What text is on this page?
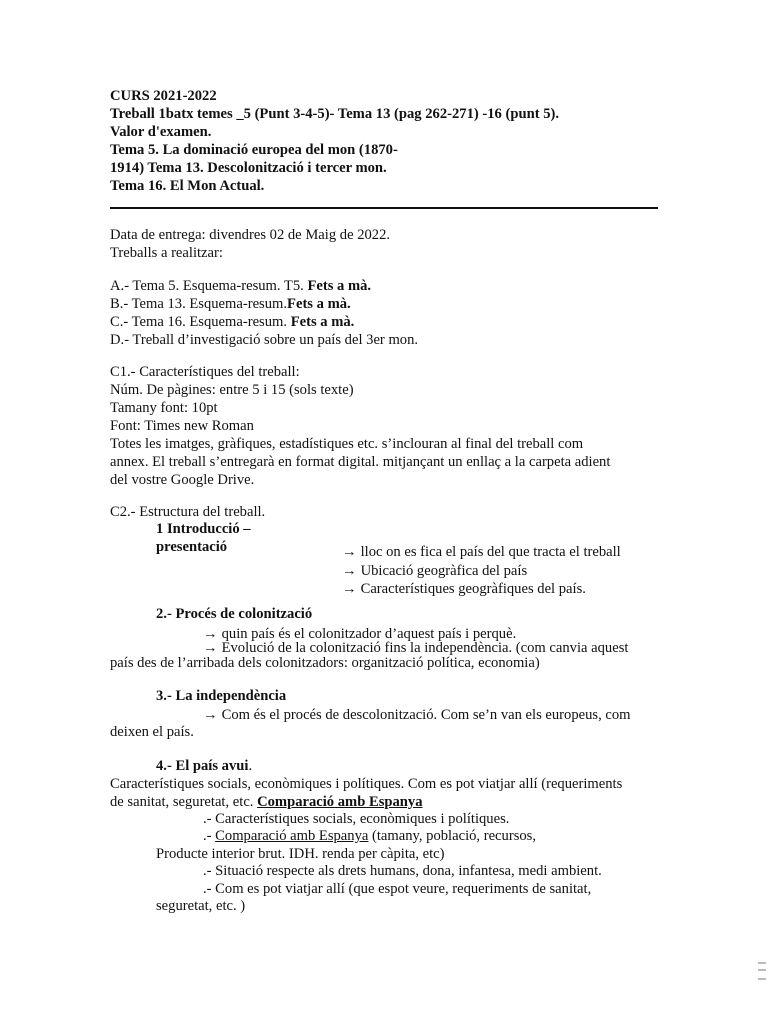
CURS 2021-2022
Treball 1batx temes _5 (Punt 3-4-5)- Tema 13 (pag 262-271) -16 (punt 5).
Valor d'examen.
Tema 5. La dominació europea del mon (1870-
1914) Tema 13. Descolonització i tercer mon.
Tema 16. El Mon Actual.
Data de entrega: divendres 02 de Maig de 2022.
Treballs a realitzar:
A.- Tema 5. Esquema-resum. T5. Fets a mà.
B.- Tema 13. Esquema-resum.Fets a mà.
C.- Tema 16. Esquema-resum. Fets a mà.
D.- Treball d’investigació sobre un país del 3er mon.
C1.- Característiques del treball:
Núm. De pàgines: entre 5 i 15 (sols texte)
Tamany font: 10pt
Font: Times new Roman
Totes les imatges, gràfiques, estadístiques etc. s’inclouran al final del treball com
annex. El treball s’entregarà en format digital. mitjançant un enllaç a la carpeta adient
del vostre Google Drive.
C2.- Estructura del treball.
1 Introducció –
presentació	→ lloc on es fica el país del que tracta el treball
→ Ubicació geogràfica del país
→ Característiques geogràfiques del país.
2.- Procés de colonització
→ quin país és el colonitzador d’aquest país i perquè.
→ Evolució de la colonització fins la independència. (com canvia aquest
país des de l’arribada dels colonitzadors: organització política, economia)
3.- La independència
→ Com és el procés de descolonització. Com se’n van els europeus, com
deixen el país.
4.- El país avui.
Característiques socials, econòmiques i polítiques. Com es pot viatjar allí (requeriments
de sanitat, seguretat, etc. Comparació amb Espanya
.- Característiques socials, econòmiques i polítiques.
.- Comparació amb Espanya (tamany, població, recursos,
Producte interior brut. IDH. renda per càpita, etc)
.- Situació respecte als drets humans, dona, infantesa, medi ambient.
.- Com es pot viatjar allí (que espot veure, requeriments de sanitat,
seguretat, etc. )
